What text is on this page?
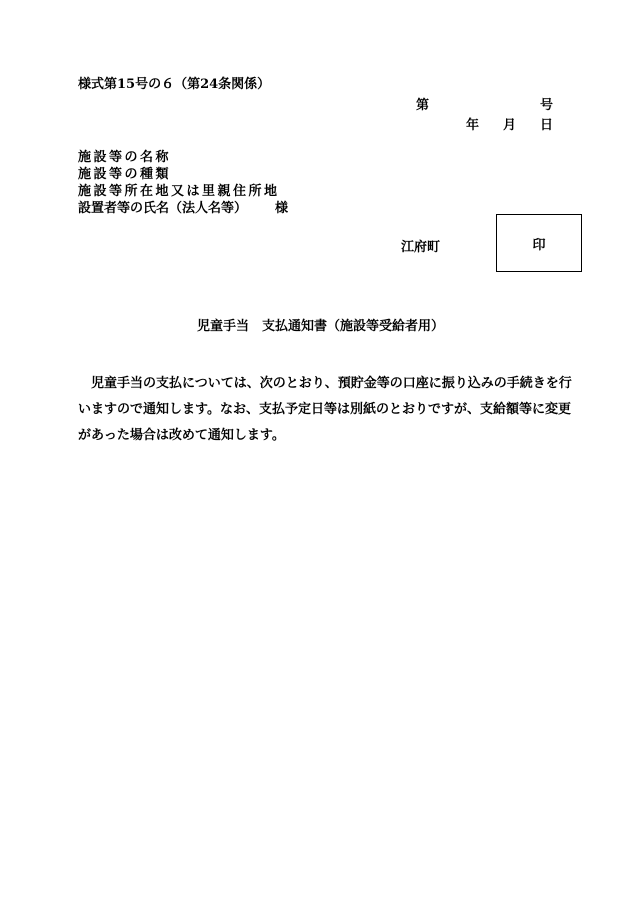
様式第15号の６（第24条関係）
第	号
年 月 日
施設等の名称
施設等の種類
施設等所在地又は里親住所地
設置者等の氏名（法人名等） 様
江府町	印
児童手当　支払通知書（施設等受給者用）
児童手当の支払については、次のとおり、預貯金等の口座に振り込みの手続きを行
いますので通知します。なお、支払予定日等は別紙のとおりですが、支給額等に変更
があった場合は改めて通知します。
